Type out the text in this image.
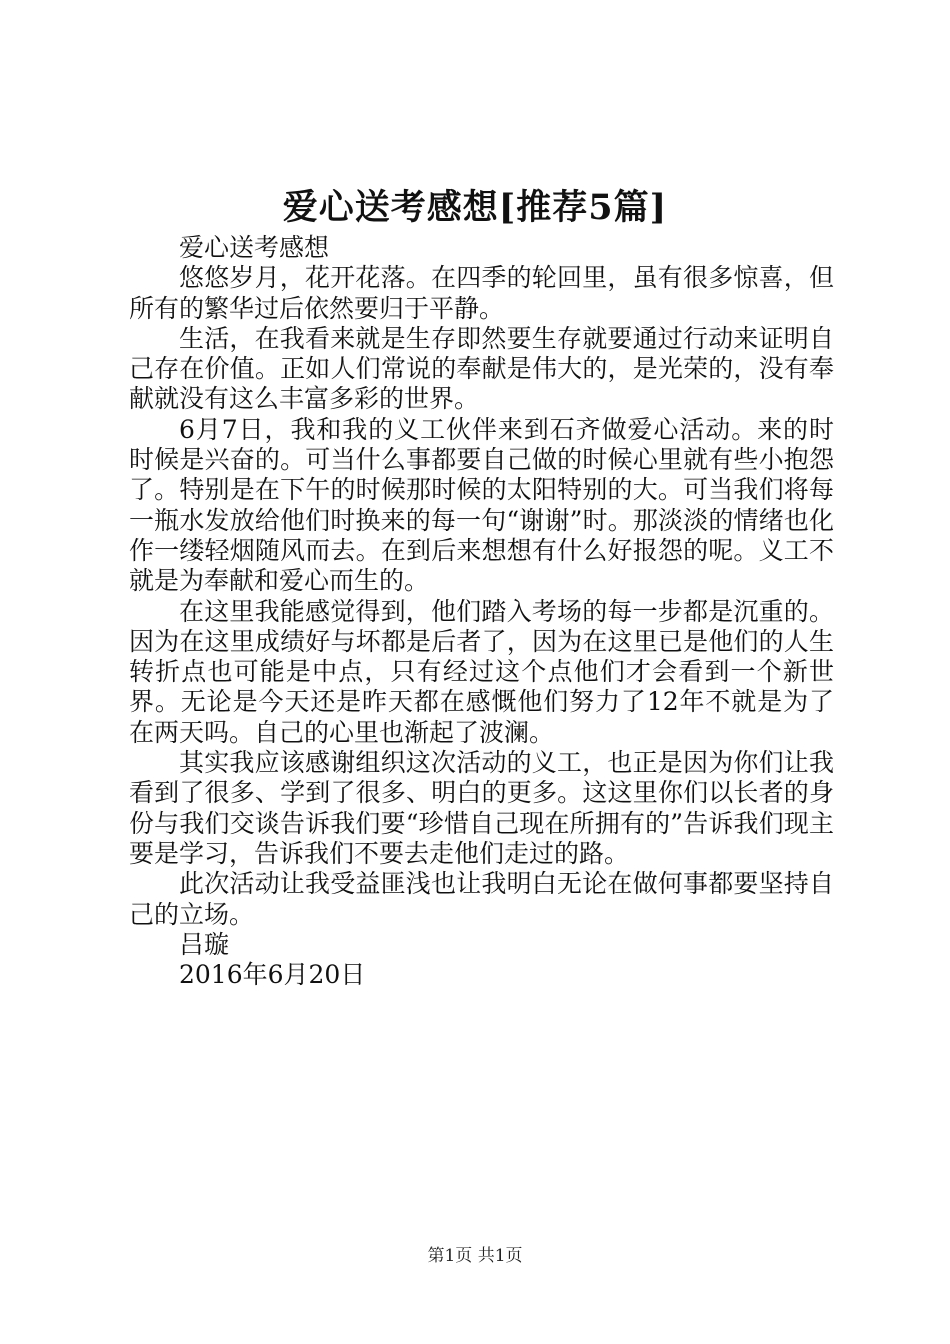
爱心送考感想[推荐5篇]

爱心送考感想

悠悠岁月，花开花落。在四季的轮回里，虽有很多惊喜，但所有的繁华过后依然要归于平静。

生活，在我看来就是生存即然要生存就要通过行动来证明自己存在价值。正如人们常说的奉献是伟大的，是光荣的，没有奉献就没有这么丰富多彩的世界。

6月7日，我和我的义工伙伴来到石齐做爱心活动。来的时时候是兴奋的。可当什么事都要自己做的时候心里就有些小抱怨了。特别是在下午的时候那时候的太阳特别的大。可当我们将每一瓶水发放给他们时换来的每一句“谢谢”时。那淡淡的情绪也化作一缕轻烟随风而去。在到后来想想有什么好报怨的呢。义工不就是为奉献和爱心而生的。

在这里我能感觉得到，他们踏入考场的每一步都是沉重的。因为在这里成绩好与坏都是后者了，因为在这里已是他们的人生转折点也可能是中点，只有经过这个点他们才会看到一个新世界。无论是今天还是昨天都在感慨他们努力了12年不就是为了在两天吗。自己的心里也渐起了波澜。

其实我应该感谢组织这次活动的义工，也正是因为你们让我看到了很多、学到了很多、明白的更多。这这里你们以长者的身份与我们交谈告诉我们要“珍惜自己现在所拥有的”告诉我们现主要是学习，告诉我们不要去走他们走过的路。

此次活动让我受益匪浅也让我明白无论在做何事都要坚持自己的立场。

吕璇

2016年6月20日

第1页 共1页
